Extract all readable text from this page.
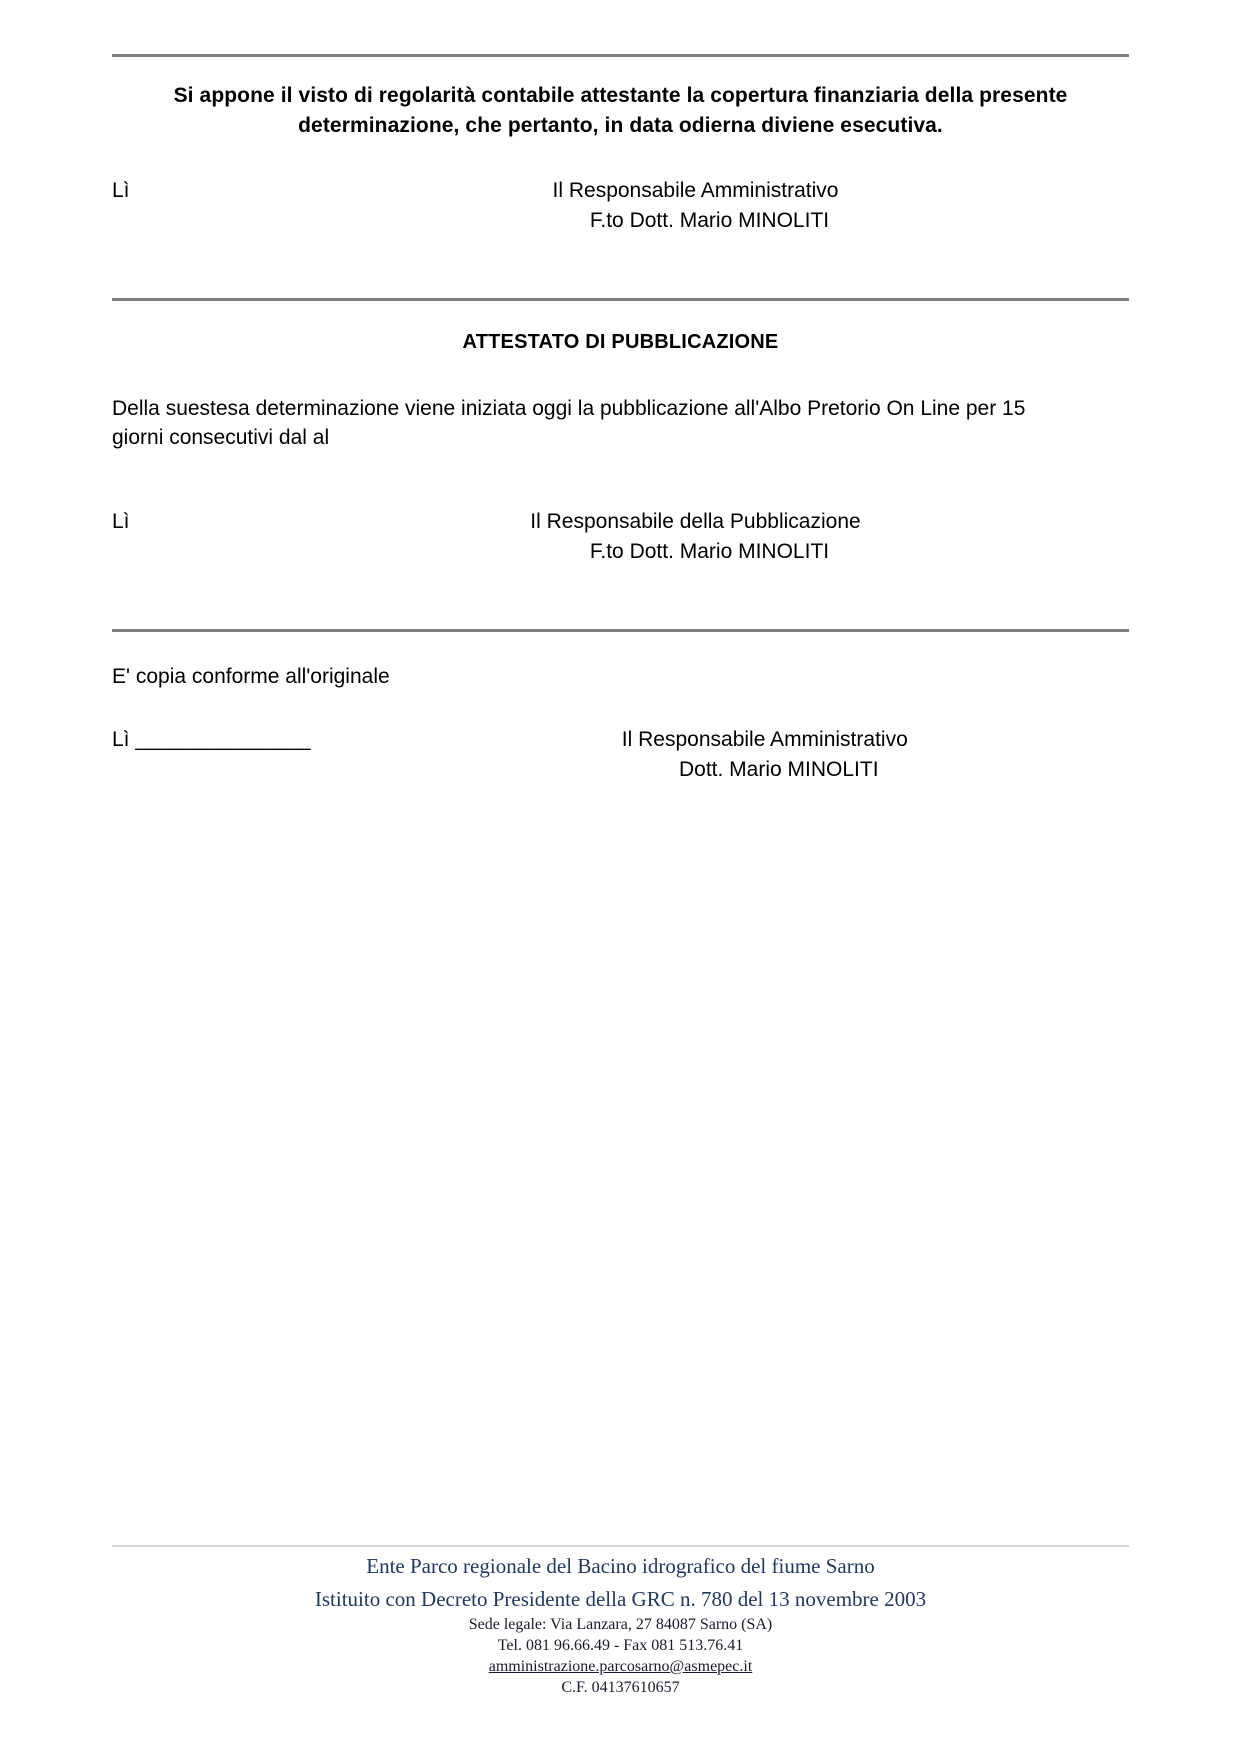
Si appone il visto di regolarità contabile attestante la copertura finanziaria della presente

determinazione, che pertanto, in data odierna diviene esecutiva.

Lì	Il Responsabile Amministrativo
F.to Dott. Mario MINOLITI

ATTESTATO DI PUBBLICAZIONE

Della suestesa determinazione viene iniziata oggi la pubblicazione all'Albo Pretorio On Line per 15

giorni consecutivi dal al

Lì	Il Responsabile della Pubblicazione
F.to Dott. Mario MINOLITI

E' copia conforme all'originale

Lì _______________	Il Responsabile Amministrativo
Dott. Mario MINOLITI

Ente Parco regionale del Bacino idrografico del fiume Sarno

Istituito con Decreto Presidente della GRC n. 780 del 13 novembre 2003

Sede legale: Via Lanzara, 27 84087 Sarno (SA)

Tel. 081 96.66.49 - Fax 081 513.76.41

amministrazione.parcosarno@asmepec.it

C.F. 04137610657
